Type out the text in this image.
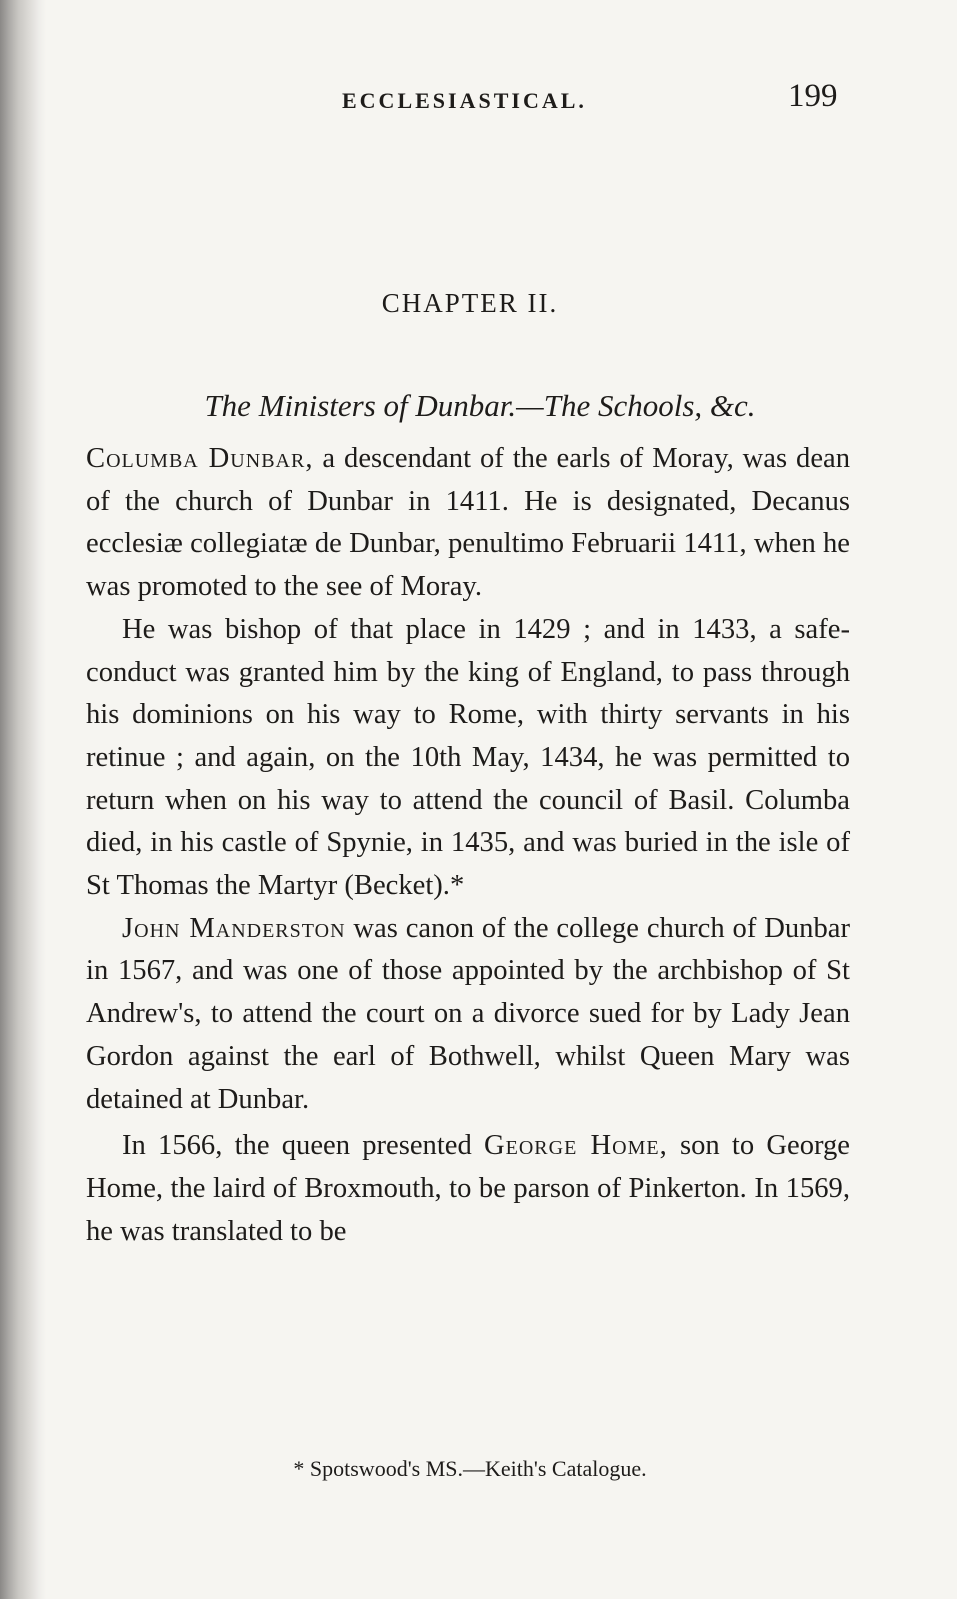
ECCLESIASTICAL.	199
CHAPTER II.
The Ministers of Dunbar.—The Schools, &c.

Columba Dunbar, a descendant of the earls of Moray, was dean of the church of Dunbar in 1411. He is designated, Decanus ecclesiæ collegiatæ de Dunbar, penultimo Februarii 1411, when he was promoted to the see of Moray.

He was bishop of that place in 1429 ; and in 1433, a safe-conduct was granted him by the king of England, to pass through his dominions on his way to Rome, with thirty servants in his retinue ; and again, on the 10th May, 1434, he was permitted to return when on his way to attend the council of Basil. Columba died, in his castle of Spynie, in 1435, and was buried in the isle of St Thomas the Martyr (Becket).*

John Manderston was canon of the college church of Dunbar in 1567, and was one of those appointed by the archbishop of St Andrew's, to attend the court on a divorce sued for by Lady Jean Gordon against the earl of Bothwell, whilst Queen Mary was detained at Dunbar.

In 1566, the queen presented George Home, son to George Home, the laird of Broxmouth, to be parson of Pinkerton. In 1569, he was translated to be

* Spotswood's MS.—Keith's Catalogue.
